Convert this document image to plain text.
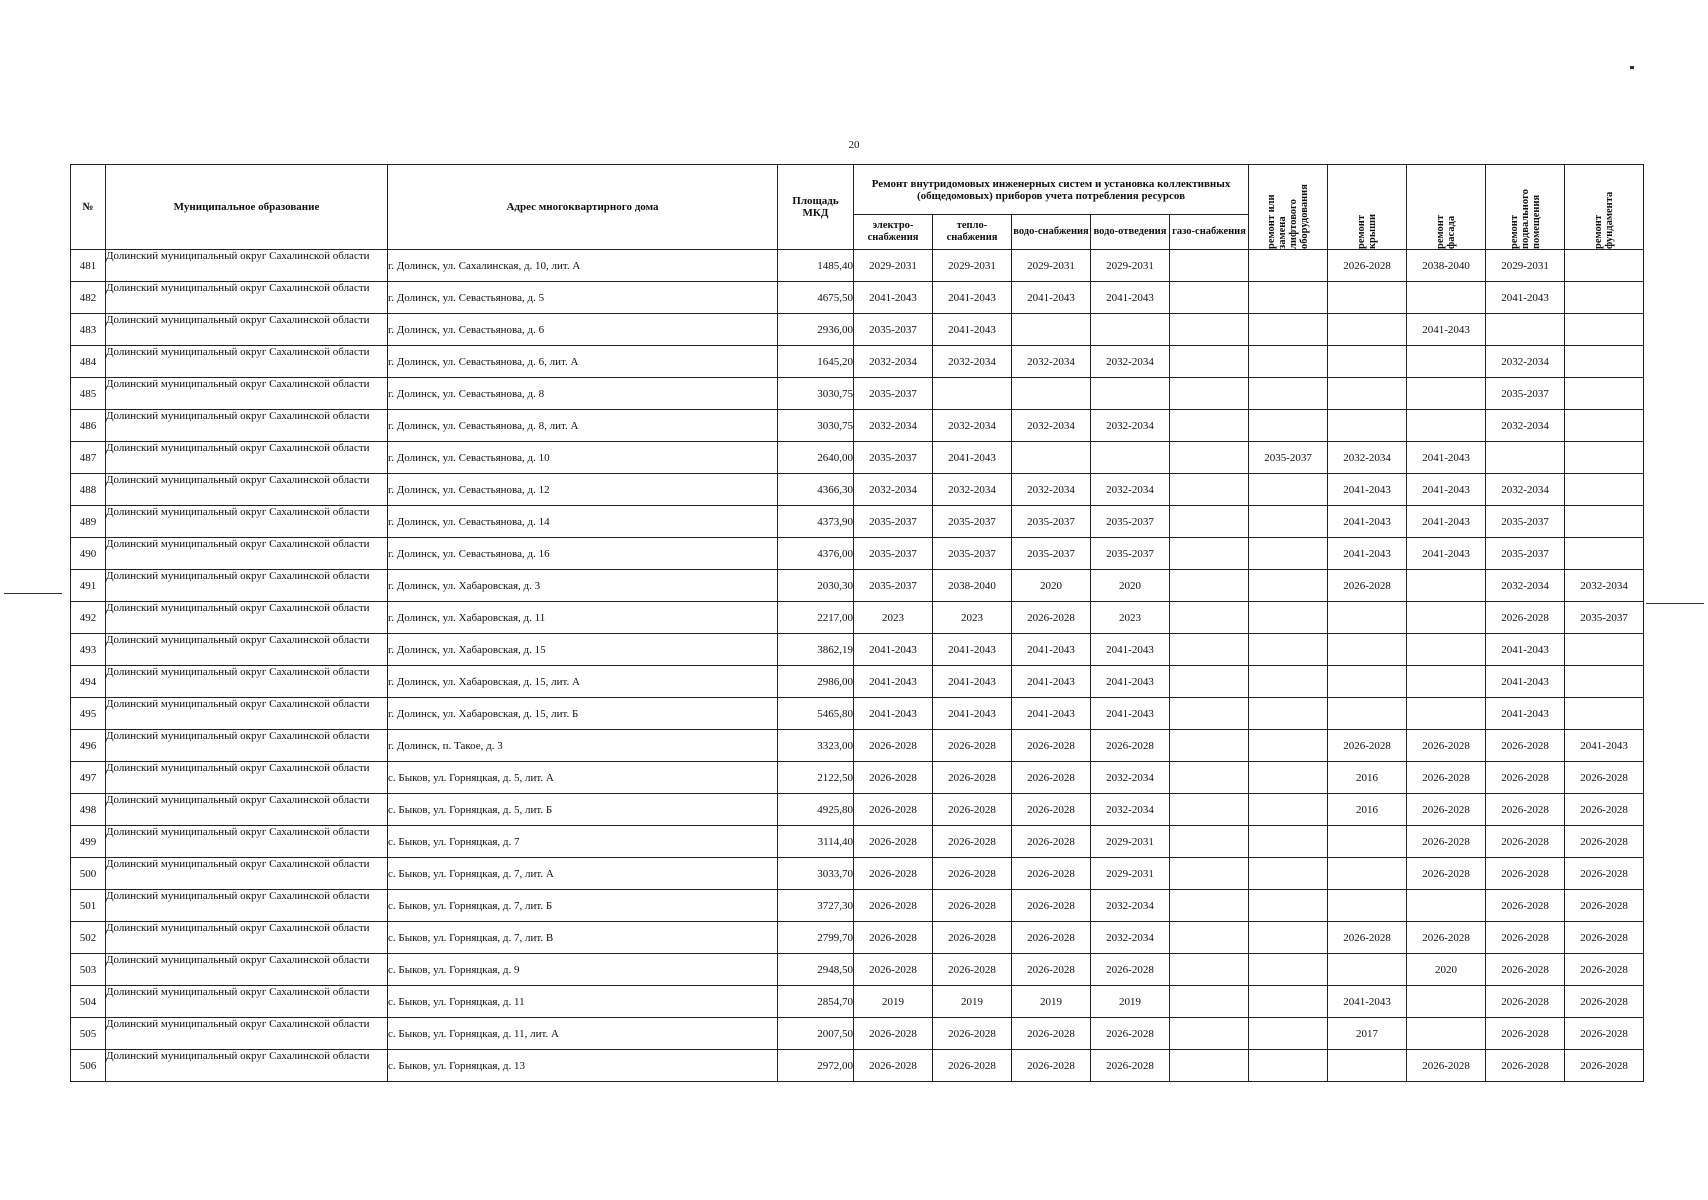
20
№	Муниципальное образование	Адрес многоквартирного дома	Площадь МКД	Ремонт внутридомовых инженерных систем и установка коллективных (общедомовых) приборов учета потребления ресурсов					ремонт или замена лифтового оборудования	ремонт крыши	ремонт фасада	ремонт подвального помещения	ремонт фундамента

				электро-снабжения	тепло-снабжения	водо-снабжения	водо-отведения	газо-снабжения					
481	Долинский муниципальный округ Сахалинской области	г. Долинск, ул. Сахалинская, д. 10, лит. А	1485,40	2029-2031	2029-2031	2029-2031	2029-2031			2026-2028	2038-2040	2029-2031	
482	Долинский муниципальный округ Сахалинской области	г. Долинск, ул. Севастьянова, д. 5	4675,50	2041-2043	2041-2043	2041-2043	2041-2043					2041-2043	
483	Долинский муниципальный округ Сахалинской области	г. Долинск, ул. Севастьянова, д. 6	2936,00	2035-2037	2041-2043						2041-2043		
484	Долинский муниципальный округ Сахалинской области	г. Долинск, ул. Севастьянова, д. 6, лит. А	1645,20	2032-2034	2032-2034	2032-2034	2032-2034					2032-2034	
485	Долинский муниципальный округ Сахалинской области	г. Долинск, ул. Севастьянова, д. 8	3030,75	2035-2037								2035-2037	
486	Долинский муниципальный округ Сахалинской области	г. Долинск, ул. Севастьянова, д. 8, лит. А	3030,75	2032-2034	2032-2034	2032-2034	2032-2034					2032-2034	
487	Долинский муниципальный округ Сахалинской области	г. Долинск, ул. Севастьянова, д. 10	2640,00	2035-2037	2041-2043				2035-2037	2032-2034	2041-2043		
488	Долинский муниципальный округ Сахалинской области	г. Долинск, ул. Севастьянова, д. 12	4366,30	2032-2034	2032-2034	2032-2034	2032-2034			2041-2043	2041-2043	2032-2034	
489	Долинский муниципальный округ Сахалинской области	г. Долинск, ул. Севастьянова, д. 14	4373,90	2035-2037	2035-2037	2035-2037	2035-2037			2041-2043	2041-2043	2035-2037	
490	Долинский муниципальный округ Сахалинской области	г. Долинск, ул. Севастьянова, д. 16	4376,00	2035-2037	2035-2037	2035-2037	2035-2037			2041-2043	2041-2043	2035-2037	
491	Долинский муниципальный округ Сахалинской области	г. Долинск, ул. Хабаровская, д. 3	2030,30	2035-2037	2038-2040	2020	2020			2026-2028		2032-2034	2032-2034
492	Долинский муниципальный округ Сахалинской области	г. Долинск, ул. Хабаровская, д. 11	2217,00	2023	2023	2026-2028	2023					2026-2028	2035-2037
493	Долинский муниципальный округ Сахалинской области	г. Долинск, ул. Хабаровская, д. 15	3862,19	2041-2043	2041-2043	2041-2043	2041-2043					2041-2043	
494	Долинский муниципальный округ Сахалинской области	г. Долинск, ул. Хабаровская, д. 15, лит. А	2986,00	2041-2043	2041-2043	2041-2043	2041-2043					2041-2043	
495	Долинский муниципальный округ Сахалинской области	г. Долинск, ул. Хабаровская, д. 15, лит. Б	5465,80	2041-2043	2041-2043	2041-2043	2041-2043					2041-2043	
496	Долинский муниципальный округ Сахалинской области	г. Долинск, п. Такое, д. 3	3323,00	2026-2028	2026-2028	2026-2028	2026-2028			2026-2028	2026-2028	2026-2028	2041-2043
497	Долинский муниципальный округ Сахалинской области	с. Быков, ул. Горняцкая, д. 5, лит. А	2122,50	2026-2028	2026-2028	2026-2028	2032-2034			2016	2026-2028	2026-2028	2026-2028
498	Долинский муниципальный округ Сахалинской области	с. Быков, ул. Горняцкая, д. 5, лит. Б	4925,80	2026-2028	2026-2028	2026-2028	2032-2034			2016	2026-2028	2026-2028	2026-2028
499	Долинский муниципальный округ Сахалинской области	с. Быков, ул. Горняцкая, д. 7	3114,40	2026-2028	2026-2028	2026-2028	2029-2031				2026-2028	2026-2028	2026-2028
500	Долинский муниципальный округ Сахалинской области	с. Быков, ул. Горняцкая, д. 7, лит. А	3033,70	2026-2028	2026-2028	2026-2028	2029-2031				2026-2028	2026-2028	2026-2028
501	Долинский муниципальный округ Сахалинской области	с. Быков, ул. Горняцкая, д. 7, лит. Б	3727,30	2026-2028	2026-2028	2026-2028	2032-2034					2026-2028	2026-2028
502	Долинский муниципальный округ Сахалинской области	с. Быков, ул. Горняцкая, д. 7, лит. В	2799,70	2026-2028	2026-2028	2026-2028	2032-2034			2026-2028	2026-2028	2026-2028	2026-2028
503	Долинский муниципальный округ Сахалинской области	с. Быков, ул. Горняцкая, д. 9	2948,50	2026-2028	2026-2028	2026-2028	2026-2028				2020	2026-2028	2026-2028
504	Долинский муниципальный округ Сахалинской области	с. Быков, ул. Горняцкая, д. 11	2854,70	2019	2019	2019	2019			2041-2043		2026-2028	2026-2028
505	Долинский муниципальный округ Сахалинской области	с. Быков, ул. Горняцкая, д. 11, лит. А	2007,50	2026-2028	2026-2028	2026-2028	2026-2028			2017		2026-2028	2026-2028
506	Долинский муниципальный округ Сахалинской области	с. Быков, ул. Горняцкая, д. 13	2972,00	2026-2028	2026-2028	2026-2028	2026-2028				2026-2028	2026-2028	2026-2028
